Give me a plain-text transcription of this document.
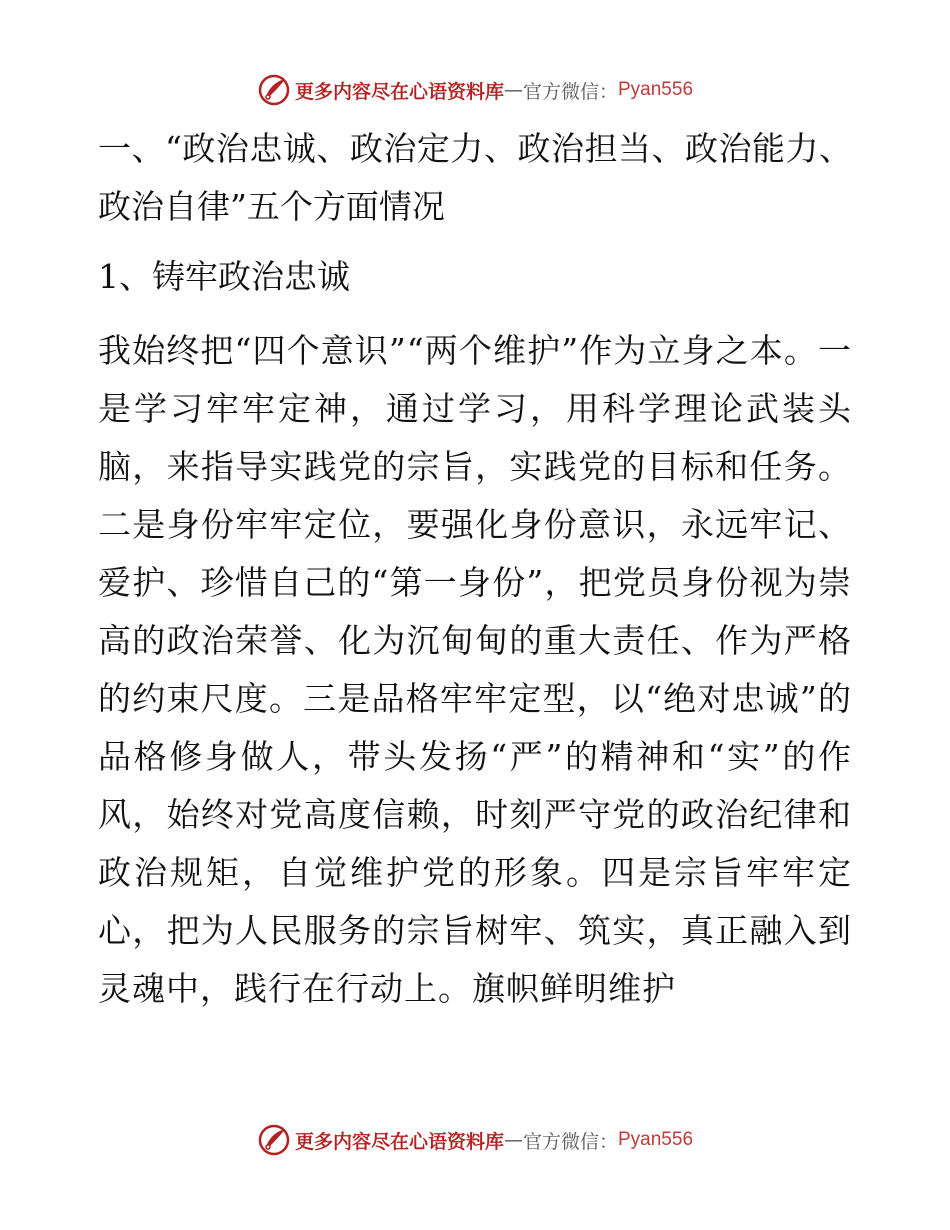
更多内容尽在心语资料库 — 官方微信： Pyan556
一、“政治忠诚、政治定力、政治担当、政治能力、政治自律”五个方面情况
1、铸牢政治忠诚

我始终把“四个意识”“两个维护”作为立身之本。一是学习牢牢定神，通过学习，用科学理论武装头脑，来指导实践党的宗旨，实践党的目标和任务。二是身份牢牢定位，要强化身份意识，永远牢记、爱护、珍惜自己的“第一身份”，把党员身份视为崇高的政治荣誉、化为沉甸甸的重大责任、作为严格的约束尺度。三是品格牢牢定型，以“绝对忠诚”的品格修身做人，带头发扬“严”的精神和“实”的作风，始终对党高度信赖，时刻严守党的政治纪律和政治规矩，自觉维护党的形象。四是宗旨牢牢定心，把为人民服务的宗旨树牢、筑实，真正融入到灵魂中，践行在行动上。旗帜鲜明维护

更多内容尽在心语资料库 — 官方微信： Pyan556
